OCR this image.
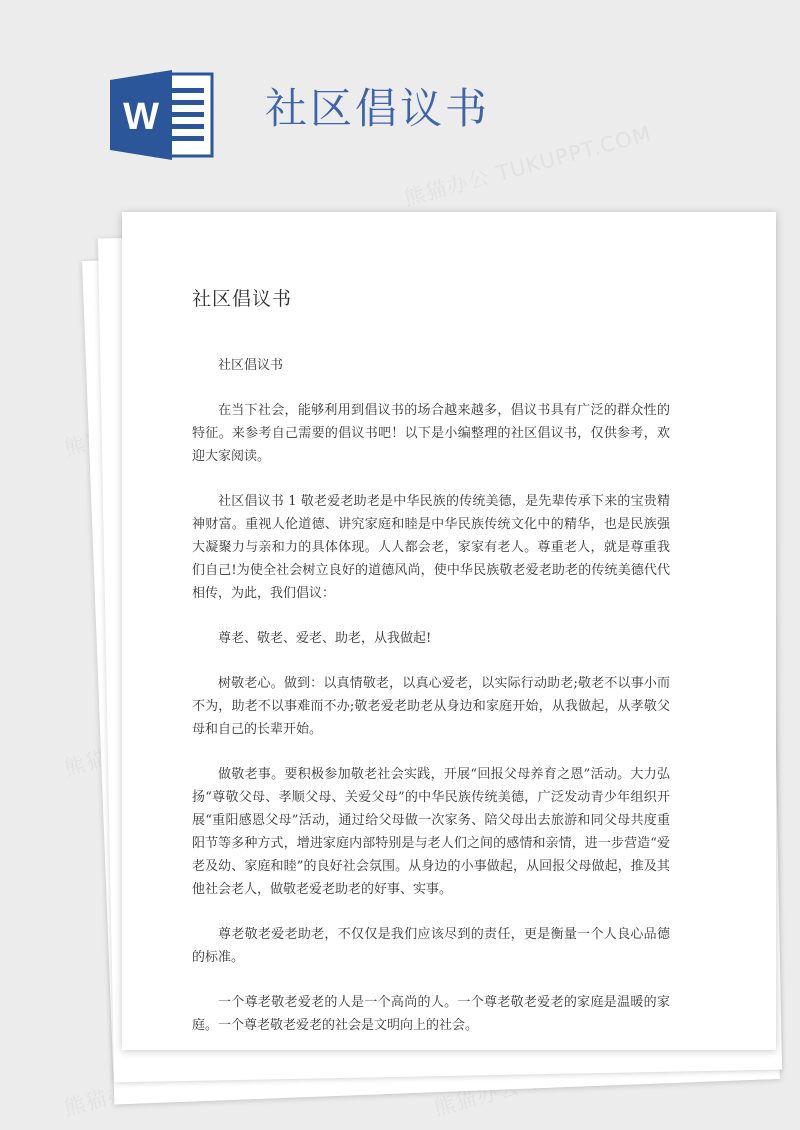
W	社区倡议书
社区倡议书

社区倡议书

在当下社会，能够利用到倡议书的场合越来越多，倡议书具有广泛的群众性的特征。来参考自己需要的倡议书吧！以下是小编整理的社区倡议书，仅供参考，欢迎大家阅读。

社区倡议书 1 敬老爱老助老是中华民族的传统美德，是先辈传承下来的宝贵精神财富。重视人伦道德、讲究家庭和睦是中华民族传统文化中的精华，也是民族强大凝聚力与亲和力的具体体现。人人都会老，家家有老人。尊重老人，就是尊重我们自己!为使全社会树立良好的道德风尚，使中华民族敬老爱老助老的传统美德代代相传，为此，我们倡议：

尊老、敬老、爱老、助老，从我做起!

树敬老心。做到：以真情敬老，以真心爱老，以实际行动助老;敬老不以事小而不为，助老不以事难而不办;敬老爱老助老从身边和家庭开始，从我做起，从孝敬父母和自己的长辈开始。

做敬老事。要积极参加敬老社会实践，开展“回报父母养育之恩”活动。大力弘扬“尊敬父母、孝顺父母、关爱父母”的中华民族传统美德，广泛发动青少年组织开展“重阳感恩父母”活动，通过给父母做一次家务、陪父母出去旅游和同父母共度重阳节等多种方式，增进家庭内部特别是与老人们之间的感情和亲情，进一步营造“爱老及幼、家庭和睦”的良好社会氛围。从身边的小事做起，从回报父母做起，推及其他社会老人，做敬老爱老助老的好事、实事。

尊老敬老爱老助老，不仅仅是我们应该尽到的责任，更是衡量一个人良心品德的标准。

一个尊老敬老爱老的人是一个高尚的人。一个尊老敬老爱老的家庭是温暖的家庭。一个尊老敬老爱老的社会是文明向上的社会。
